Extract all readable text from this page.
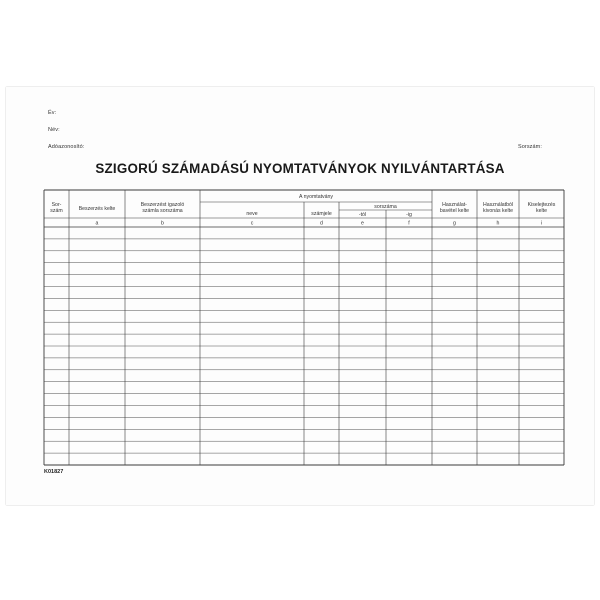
Év:
Név:
Adóazonosító:	Sorszám:
SZIGORÚ SZÁMADÁSÚ NYOMTATVÁNYOK NYILVÁNTARTÁSA
A nyomtatvány
sorszáma
Sor-
szám	Beszerzés kelte
a
Beszerzést igazoló
számla sorszáma
b
neve
c
számjele
d
-tól
e
-ig
f
Használat-
bavétel kelte
g
Használatból
kivonás kelte
h
Kiselejtezés
kelte
i
K01827
